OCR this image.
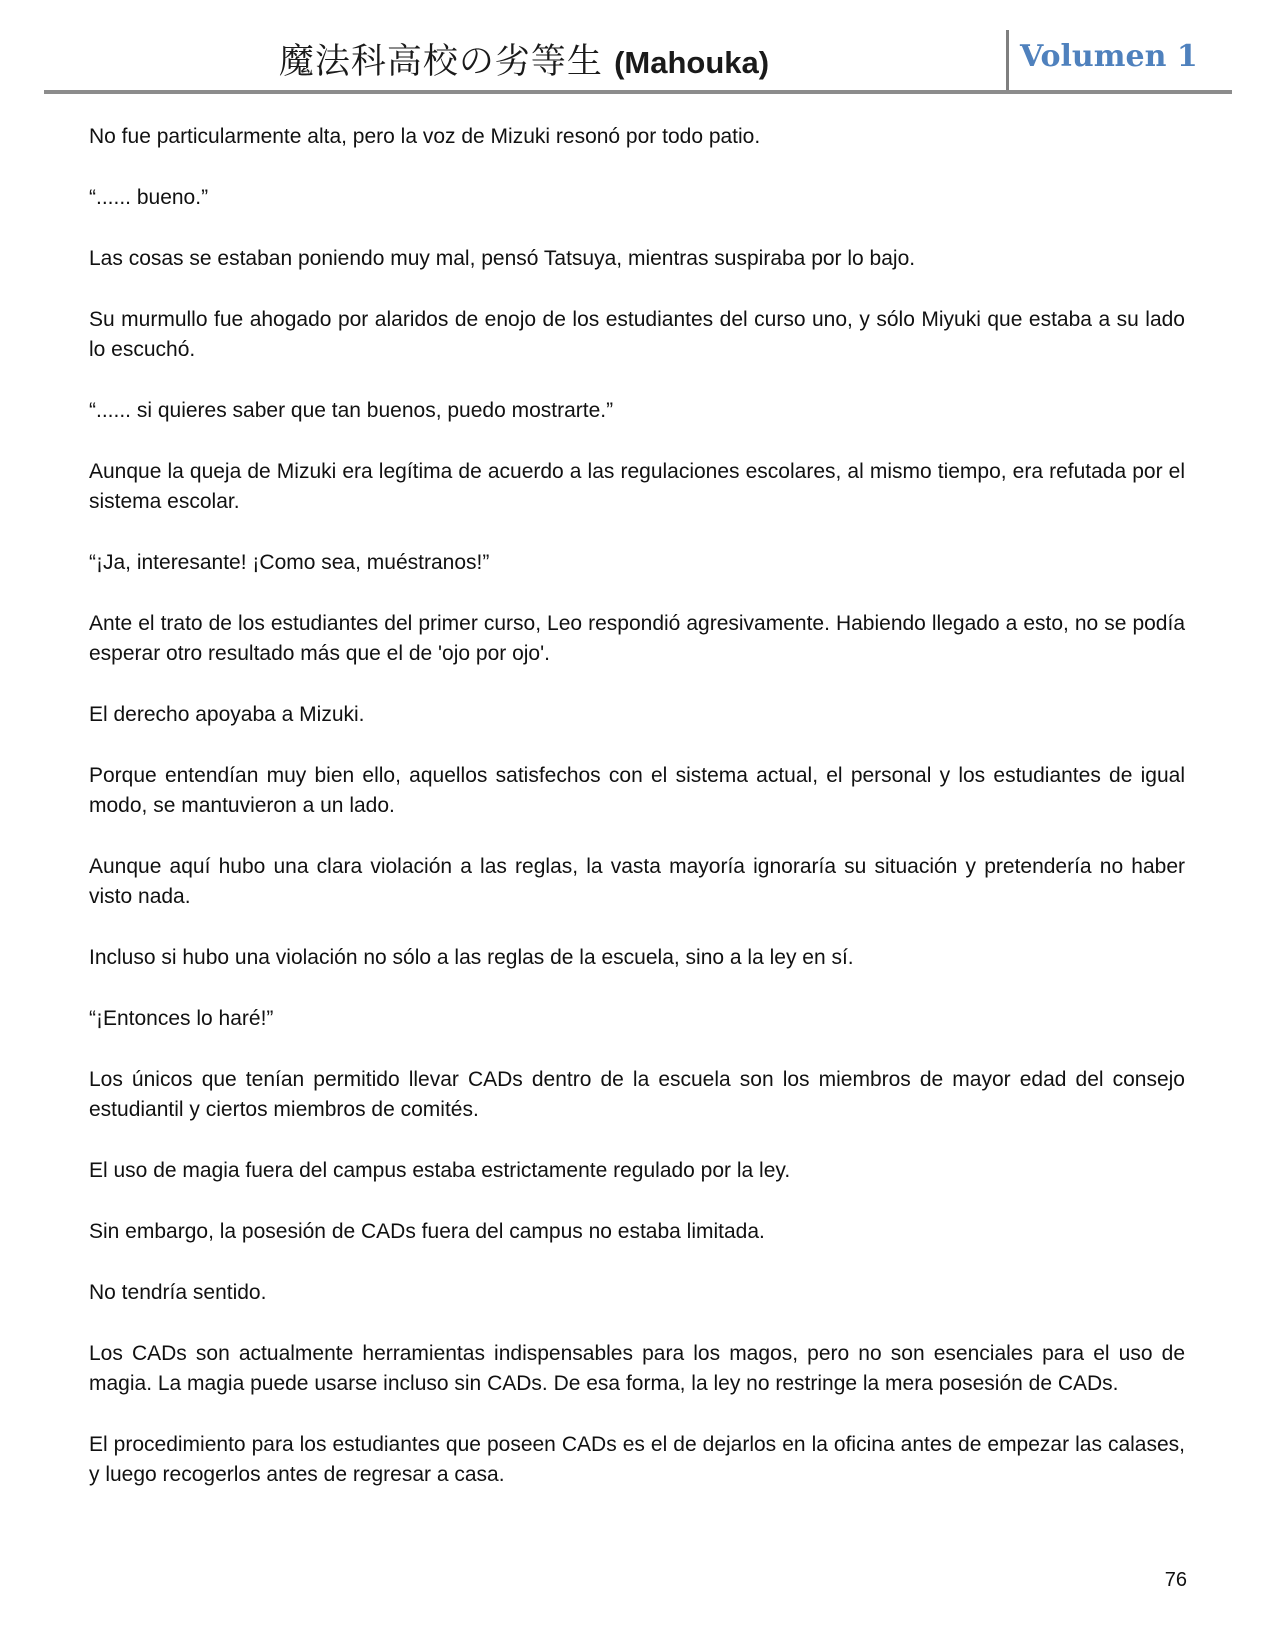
魔法科高校の劣等生 (Mahouka)	Volumen 1

No fue particularmente alta, pero la voz de Mizuki resonó por todo patio.

“...... bueno.”

Las cosas se estaban poniendo muy mal, pensó Tatsuya, mientras suspiraba por lo bajo.

Su murmullo fue ahogado por alaridos de enojo de los estudiantes del curso uno, y sólo Miyuki que estaba a su lado lo escuchó.

“...... si quieres saber que tan buenos, puedo mostrarte.”

Aunque la queja de Mizuki era legítima de acuerdo a las regulaciones escolares, al mismo tiempo, era refutada por el sistema escolar.

“¡Ja, interesante! ¡Como sea, muéstranos!”

Ante el trato de los estudiantes del primer curso, Leo respondió agresivamente. Habiendo llegado a esto, no se podía esperar otro resultado más que el de 'ojo por ojo'.

El derecho apoyaba a Mizuki.

Porque entendían muy bien ello, aquellos satisfechos con el sistema actual, el personal y los estudiantes de igual modo, se mantuvieron a un lado.

Aunque aquí hubo una clara violación a las reglas, la vasta mayoría ignoraría su situación y pretendería no haber visto nada.

Incluso si hubo una violación no sólo a las reglas de la escuela, sino a la ley en sí.

“¡Entonces lo haré!”

Los únicos que tenían permitido llevar CADs dentro de la escuela son los miembros de mayor edad del consejo estudiantil y ciertos miembros de comités.

El uso de magia fuera del campus estaba estrictamente regulado por la ley.

Sin embargo, la posesión de CADs fuera del campus no estaba limitada.

No tendría sentido.

Los CADs son actualmente herramientas indispensables para los magos, pero no son esenciales para el uso de magia. La magia puede usarse incluso sin CADs. De esa forma, la ley no restringe la mera posesión de CADs.

El procedimiento para los estudiantes que poseen CADs es el de dejarlos en la oficina antes de empezar las calases, y luego recogerlos antes de regresar a casa.

76
